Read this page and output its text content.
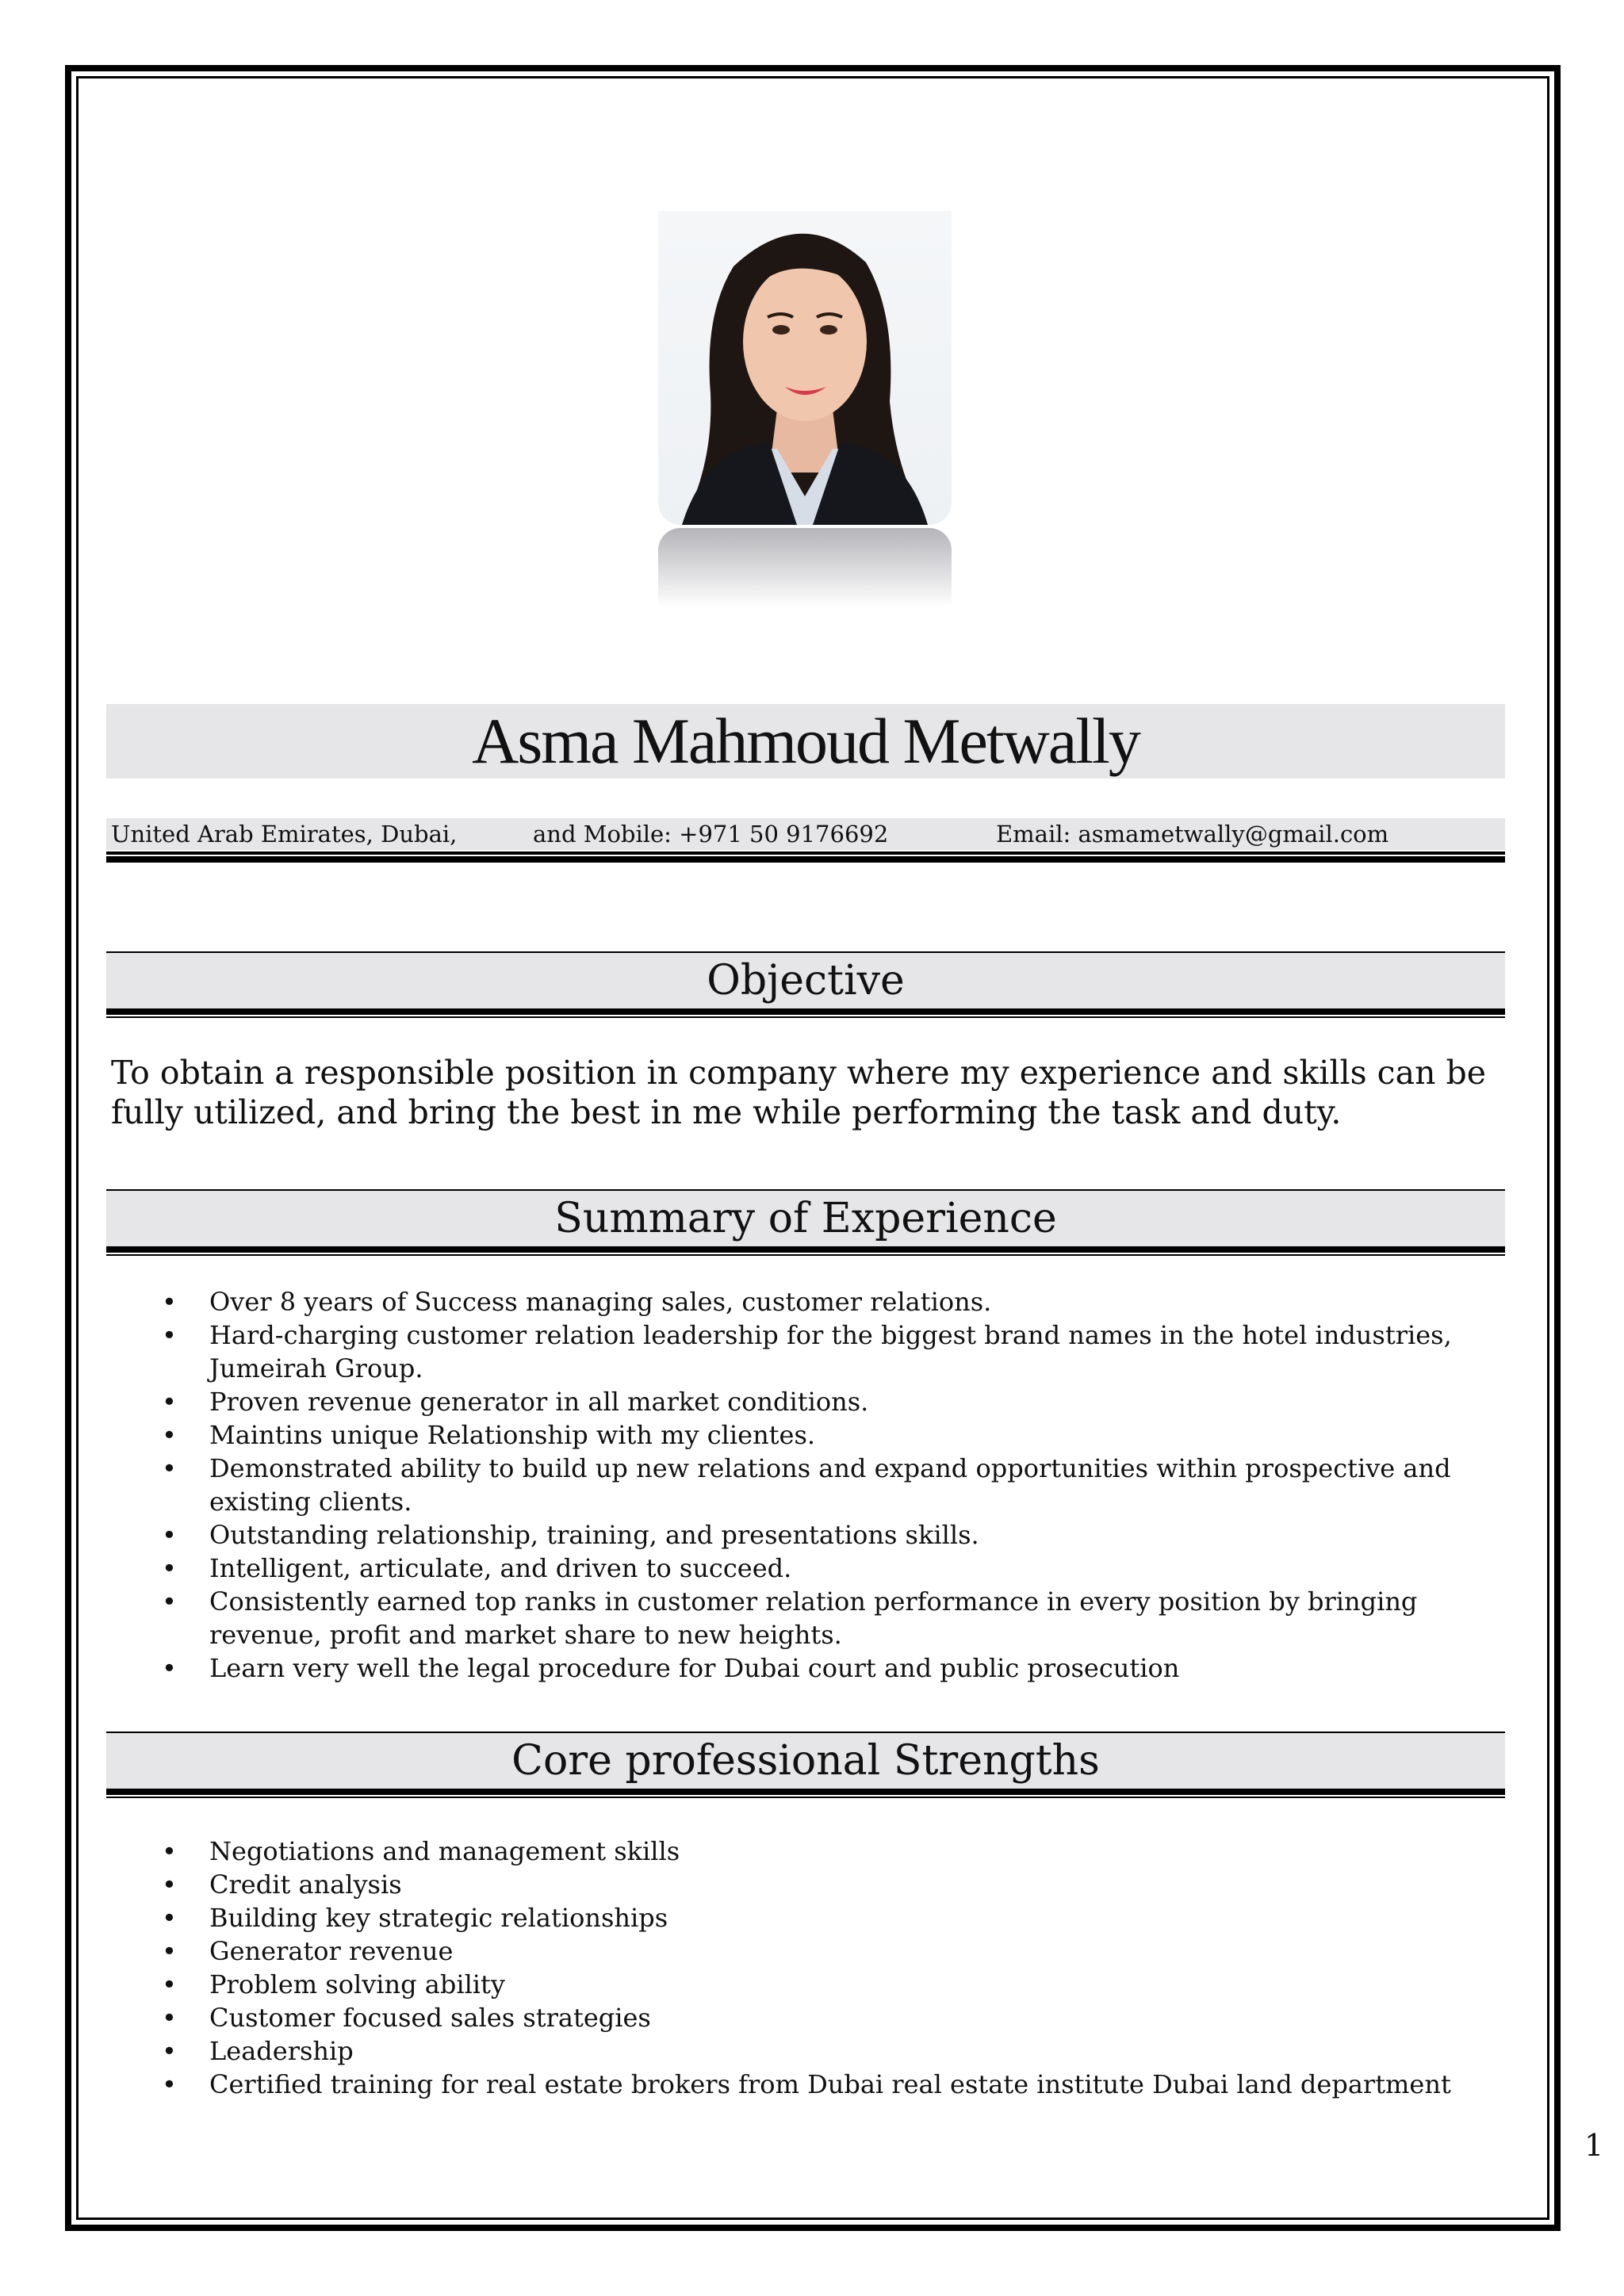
Asma Mahmoud Metwally
United Arab Emirates, Dubai,	and Mobile: +971 50 9176692	Email: asmametwally@gmail.com
Objective

To obtain a responsible position in company where my experience and skills can be fully utilized, and bring the best in me while performing the task and duty.

Summary of Experience
• Over 8 years of Success managing sales, customer relations.
• Hard-charging customer relation leadership for the biggest brand names in the hotel industries, Jumeirah Group.
• Proven revenue generator in all market conditions.
• Maintins unique Relationship with my clientes.
• Demonstrated ability to build up new relations and expand opportunities within prospective and existing clients.
• Outstanding relationship, training, and presentations skills.
• Intelligent, articulate, and driven to succeed.
• Consistently earned top ranks in customer relation performance in every position by bringing revenue, profit and market share to new heights.
• Learn very well the legal procedure for Dubai court and public prosecution
Core professional Strengths
• Negotiations and management skills
• Credit analysis
• Building key strategic relationships
• Generator revenue
• Problem solving ability
• Customer focused sales strategies
• Leadership
• Certified training for real estate brokers from Dubai real estate institute Dubai land department
1
